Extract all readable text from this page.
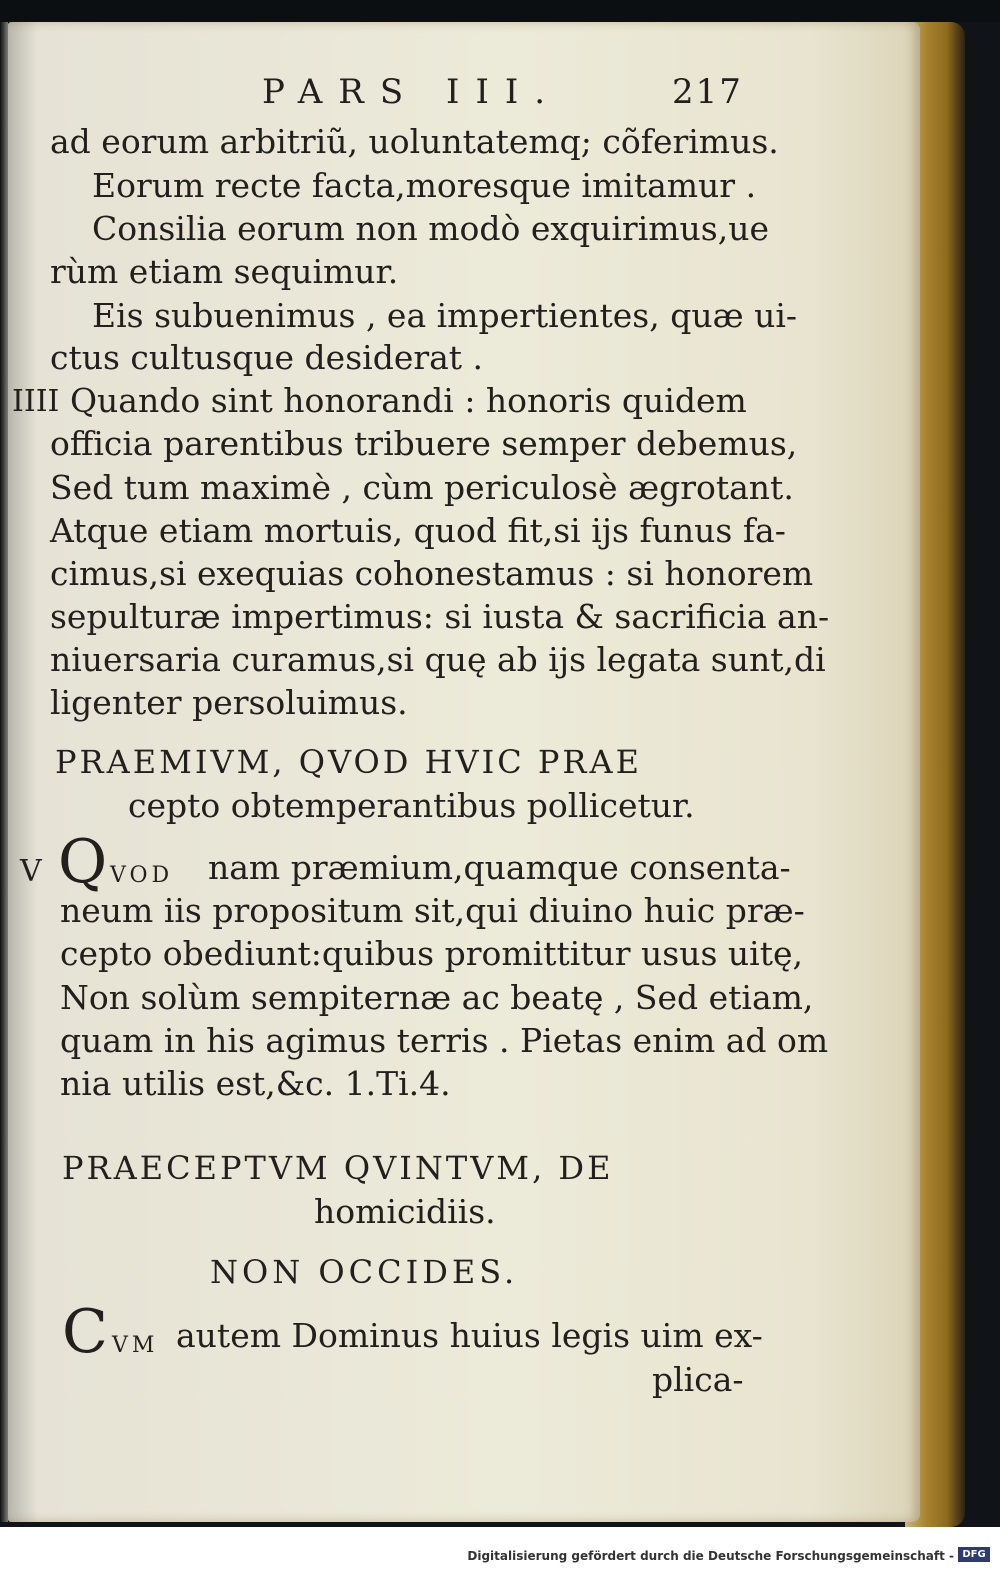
PARS III.	217
ad eorum arbitriũ, uoluntatemq; cõferimus.
Eorum recte facta,moresque imitamur .
Consilia eorum non modò exquirimus,ue
rùm etiam sequimur.
Eis subuenimus , ea impertientes, quæ ui-
ctus cultusque desiderat .
IIII Quando sint honorandi : honoris quidem
officia parentibus tribuere semper debemus,
Sed tum maximè , cùm periculosè ægrotant.
Atque etiam mortuis, quod fit,si ijs funus fa-
cimus,si exequias cohonestamus : si honorem
sepulturæ impertimus: si iusta & sacrificia an-
niuersaria curamus,si quę ab ijs legata sunt,di
ligenter persoluimus.
PRAEMIVM, QVOD HVIC PRAE
cepto obtemperantibus pollicetur.
V Q VOD nam præmium,quamque consenta-
neum iis propositum sit,qui diuino huic præ-
cepto obediunt:quibus promittitur usus uitę,
Non solùm sempiternæ ac beatę , Sed etiam,
quam in his agimus terris . Pietas enim ad om
nia utilis est,&c. 1.Ti.4.
PRAECEPTVM QVINTVM, DE
homicidiis.
NON OCCIDES.
C VM autem Dominus huius legis uim ex-
plica-
Digitalisierung gefördert durch die Deutsche Forschungsgemeinschaft - DFG
